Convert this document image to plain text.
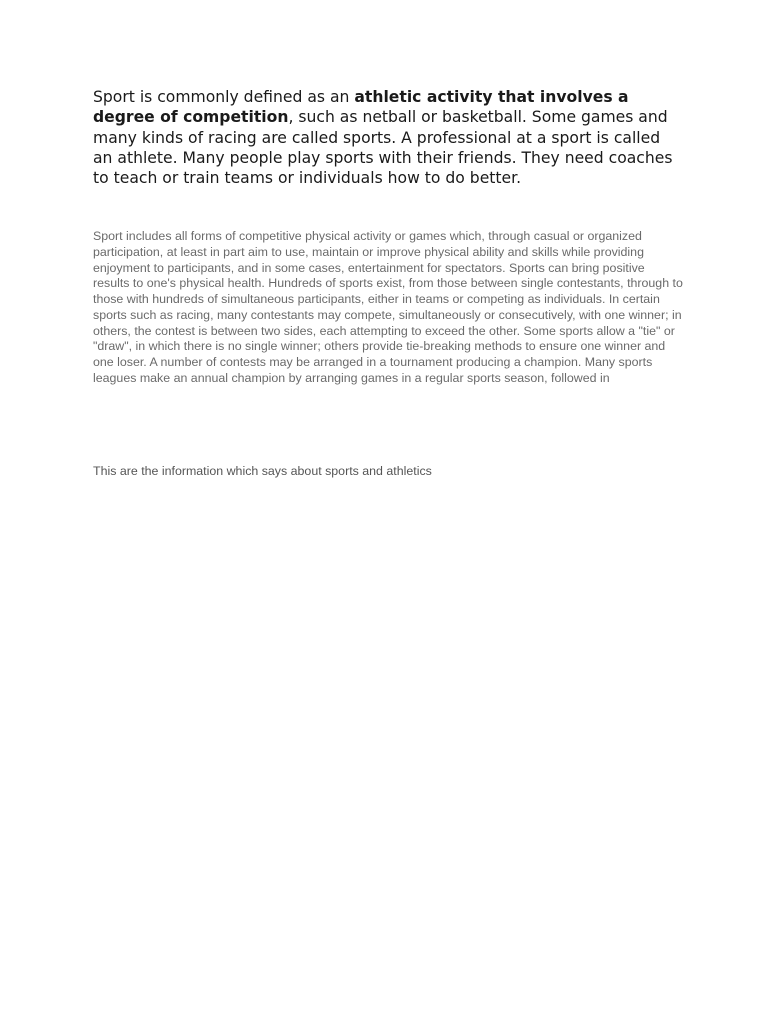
Sport is commonly defined as an athletic activity that involves a degree of competition, such as netball or basketball. Some games and many kinds of racing are called sports. A professional at a sport is called an athlete. Many people play sports with their friends. They need coaches to teach or train teams or individuals how to do better.

Sport includes all forms of competitive physical activity or games which, through casual or organized participation, at least in part aim to use, maintain or improve physical ability and skills while providing enjoyment to participants, and in some cases, entertainment for spectators. Sports can bring positive results to one's physical health. Hundreds of sports exist, from those between single contestants, through to those with hundreds of simultaneous participants, either in teams or competing as individuals. In certain sports such as racing, many contestants may compete, simultaneously or consecutively, with one winner; in others, the contest is between two sides, each attempting to exceed the other. Some sports allow a "tie" or "draw", in which there is no single winner; others provide tie-breaking methods to ensure one winner and one loser. A number of contests may be arranged in a tournament producing a champion. Many sports leagues make an annual champion by arranging games in a regular sports season, followed in

This are the information which says about sports and athletics
